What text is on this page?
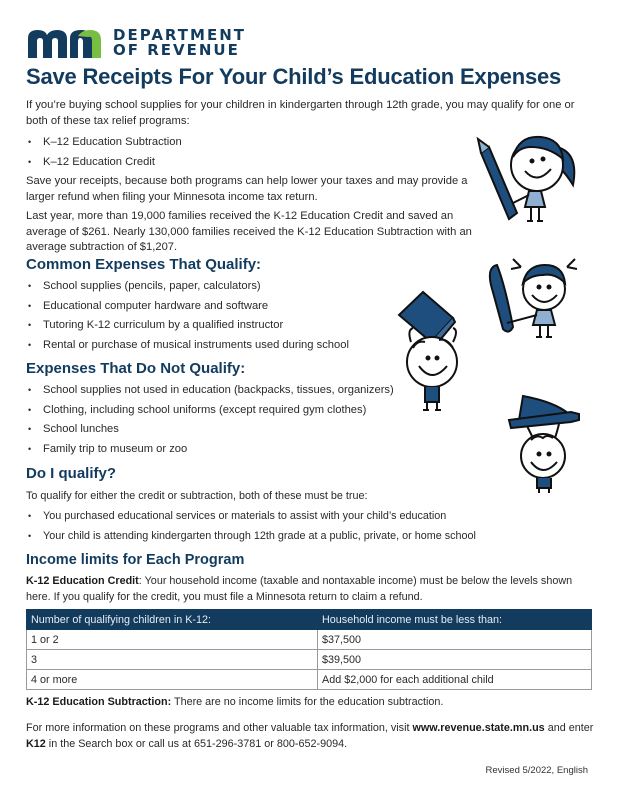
DEPARTMENT
OF REVENUE
Save Receipts For Your Child’s Education Expenses

If you’re buying school supplies for your children in kindergarten through 12th grade, you may qualify for one or both of these tax relief programs:

• K–12 Education Subtraction
• K–12 Education Credit

Save your receipts, because both programs can help lower your taxes and may provide a larger refund when filing your Minnesota income tax return.

Last year, more than 19,000 families received the K-12 Education Credit and saved an average of $261. Nearly 130,000 families received the K-12 Education Subtraction with an average subtraction of $1,207.

Common Expenses That Qualify:
• School supplies (pencils, paper, calculators)
• Educational computer hardware and software
• Tutoring K-12 curriculum by a qualified instructor
• Rental or purchase of musical instruments used during school
Expenses That Do Not Qualify:
• School supplies not used in education (backpacks, tissues, organizers)
• Clothing, including school uniforms (except required gym clothes)
• School lunches
• Family trip to museum or zoo
Do I qualify?

To qualify for either the credit or subtraction, both of these must be true:

• You purchased educational services or materials to assist with your child’s education
• Your child is attending kindergarten through 12th grade at a public, private, or home school
Income limits for Each Program

K-12 Education Credit: Your household income (taxable and nontaxable income) must be below the levels shown here. If you qualify for the credit, you must file a Minnesota return to claim a refund.

Number of qualifying children in K-12:	Household income must be less than:
1 or 2	$37,500
3	$39,500
4 or more	Add $2,000 for each additional child

K-12 Education Subtraction: There are no income limits for the education subtraction.

For more information on these programs and other valuable tax information, visit www.revenue.state.mn.us and enter K12 in the Search box or call us at 651-296-3781 or 800-652-9094.

Revised 5/2022, English
